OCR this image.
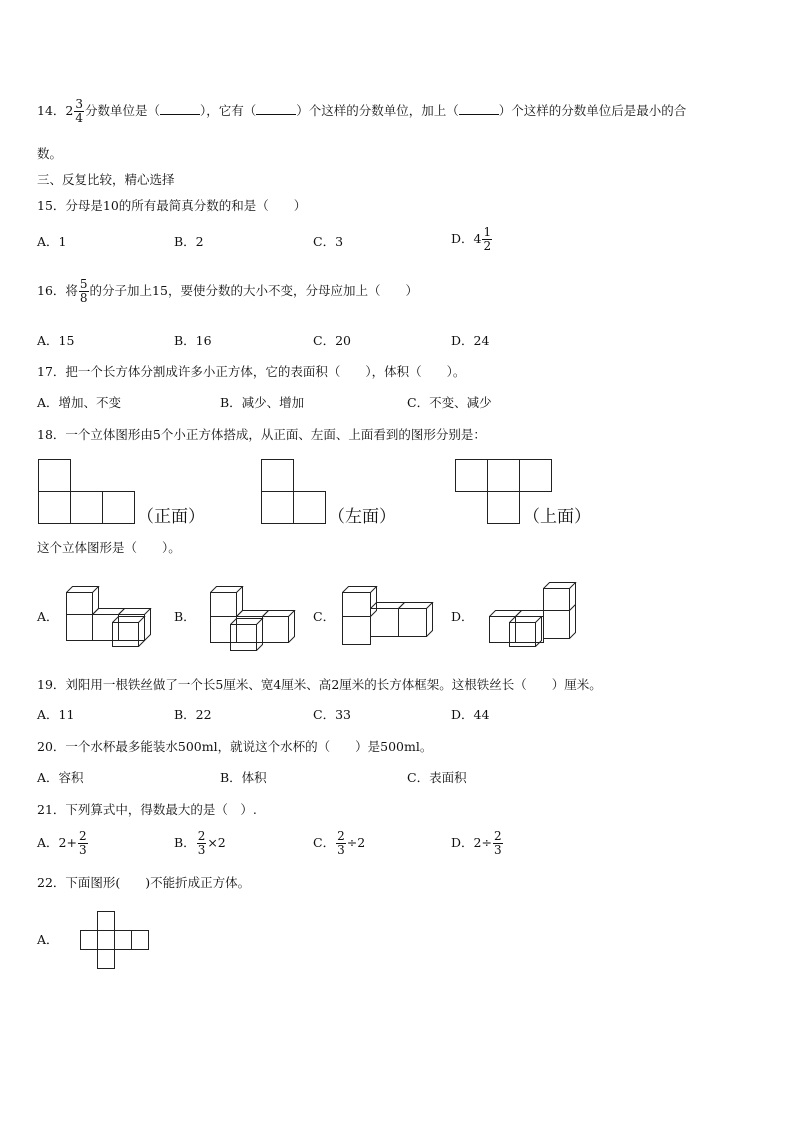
14．$2 \frac{3}{4}$ 分数单位是（	），它有（	）个这样的分数单位，加上（	）个这样的分数单位后是最小的合
数。
三、反复比较，精心选择
15．分母是10的所有最简真分数的和是（　　）
A．1	B．2	C．3	D．$4 \frac{1}{2}$
16．将 $\frac{5}{8}$ 的分子加上15，要使分数的大小不变，分母应加上（　　）
A．15	B．16	C．20	D．24
17．把一个长方体分割成许多小正方体，它的表面积（　　），体积（　　）。
A．增加、不变	B．减少、增加	C．不变、减少
18．一个立体图形由5个小正方体搭成，从正面、左面、上面看到的图形分别是：
（正面）	（左面）	（上面）
这个立体图形是（　　）。
A．	B．	C．	D．
19．刘阳用一根铁丝做了一个长5厘米、宽4厘米、高2厘米的长方体框架。这根铁丝长（　　）厘米。
A．11	B．22	C．33	D．44
20．一个水杯最多能装水500ml，就说这个水杯的（　　）是500ml。
A．容积	B．体积	C．表面积
21．下列算式中，得数最大的是（　）.
A．$2+ \frac{2}{3}$	B． $\frac{2}{3} \times 2$	C． $\frac{2}{3} \div 2$	D．$2\div \frac{2}{3}$
22．下面图形(　　)不能折成正方体。
A．
